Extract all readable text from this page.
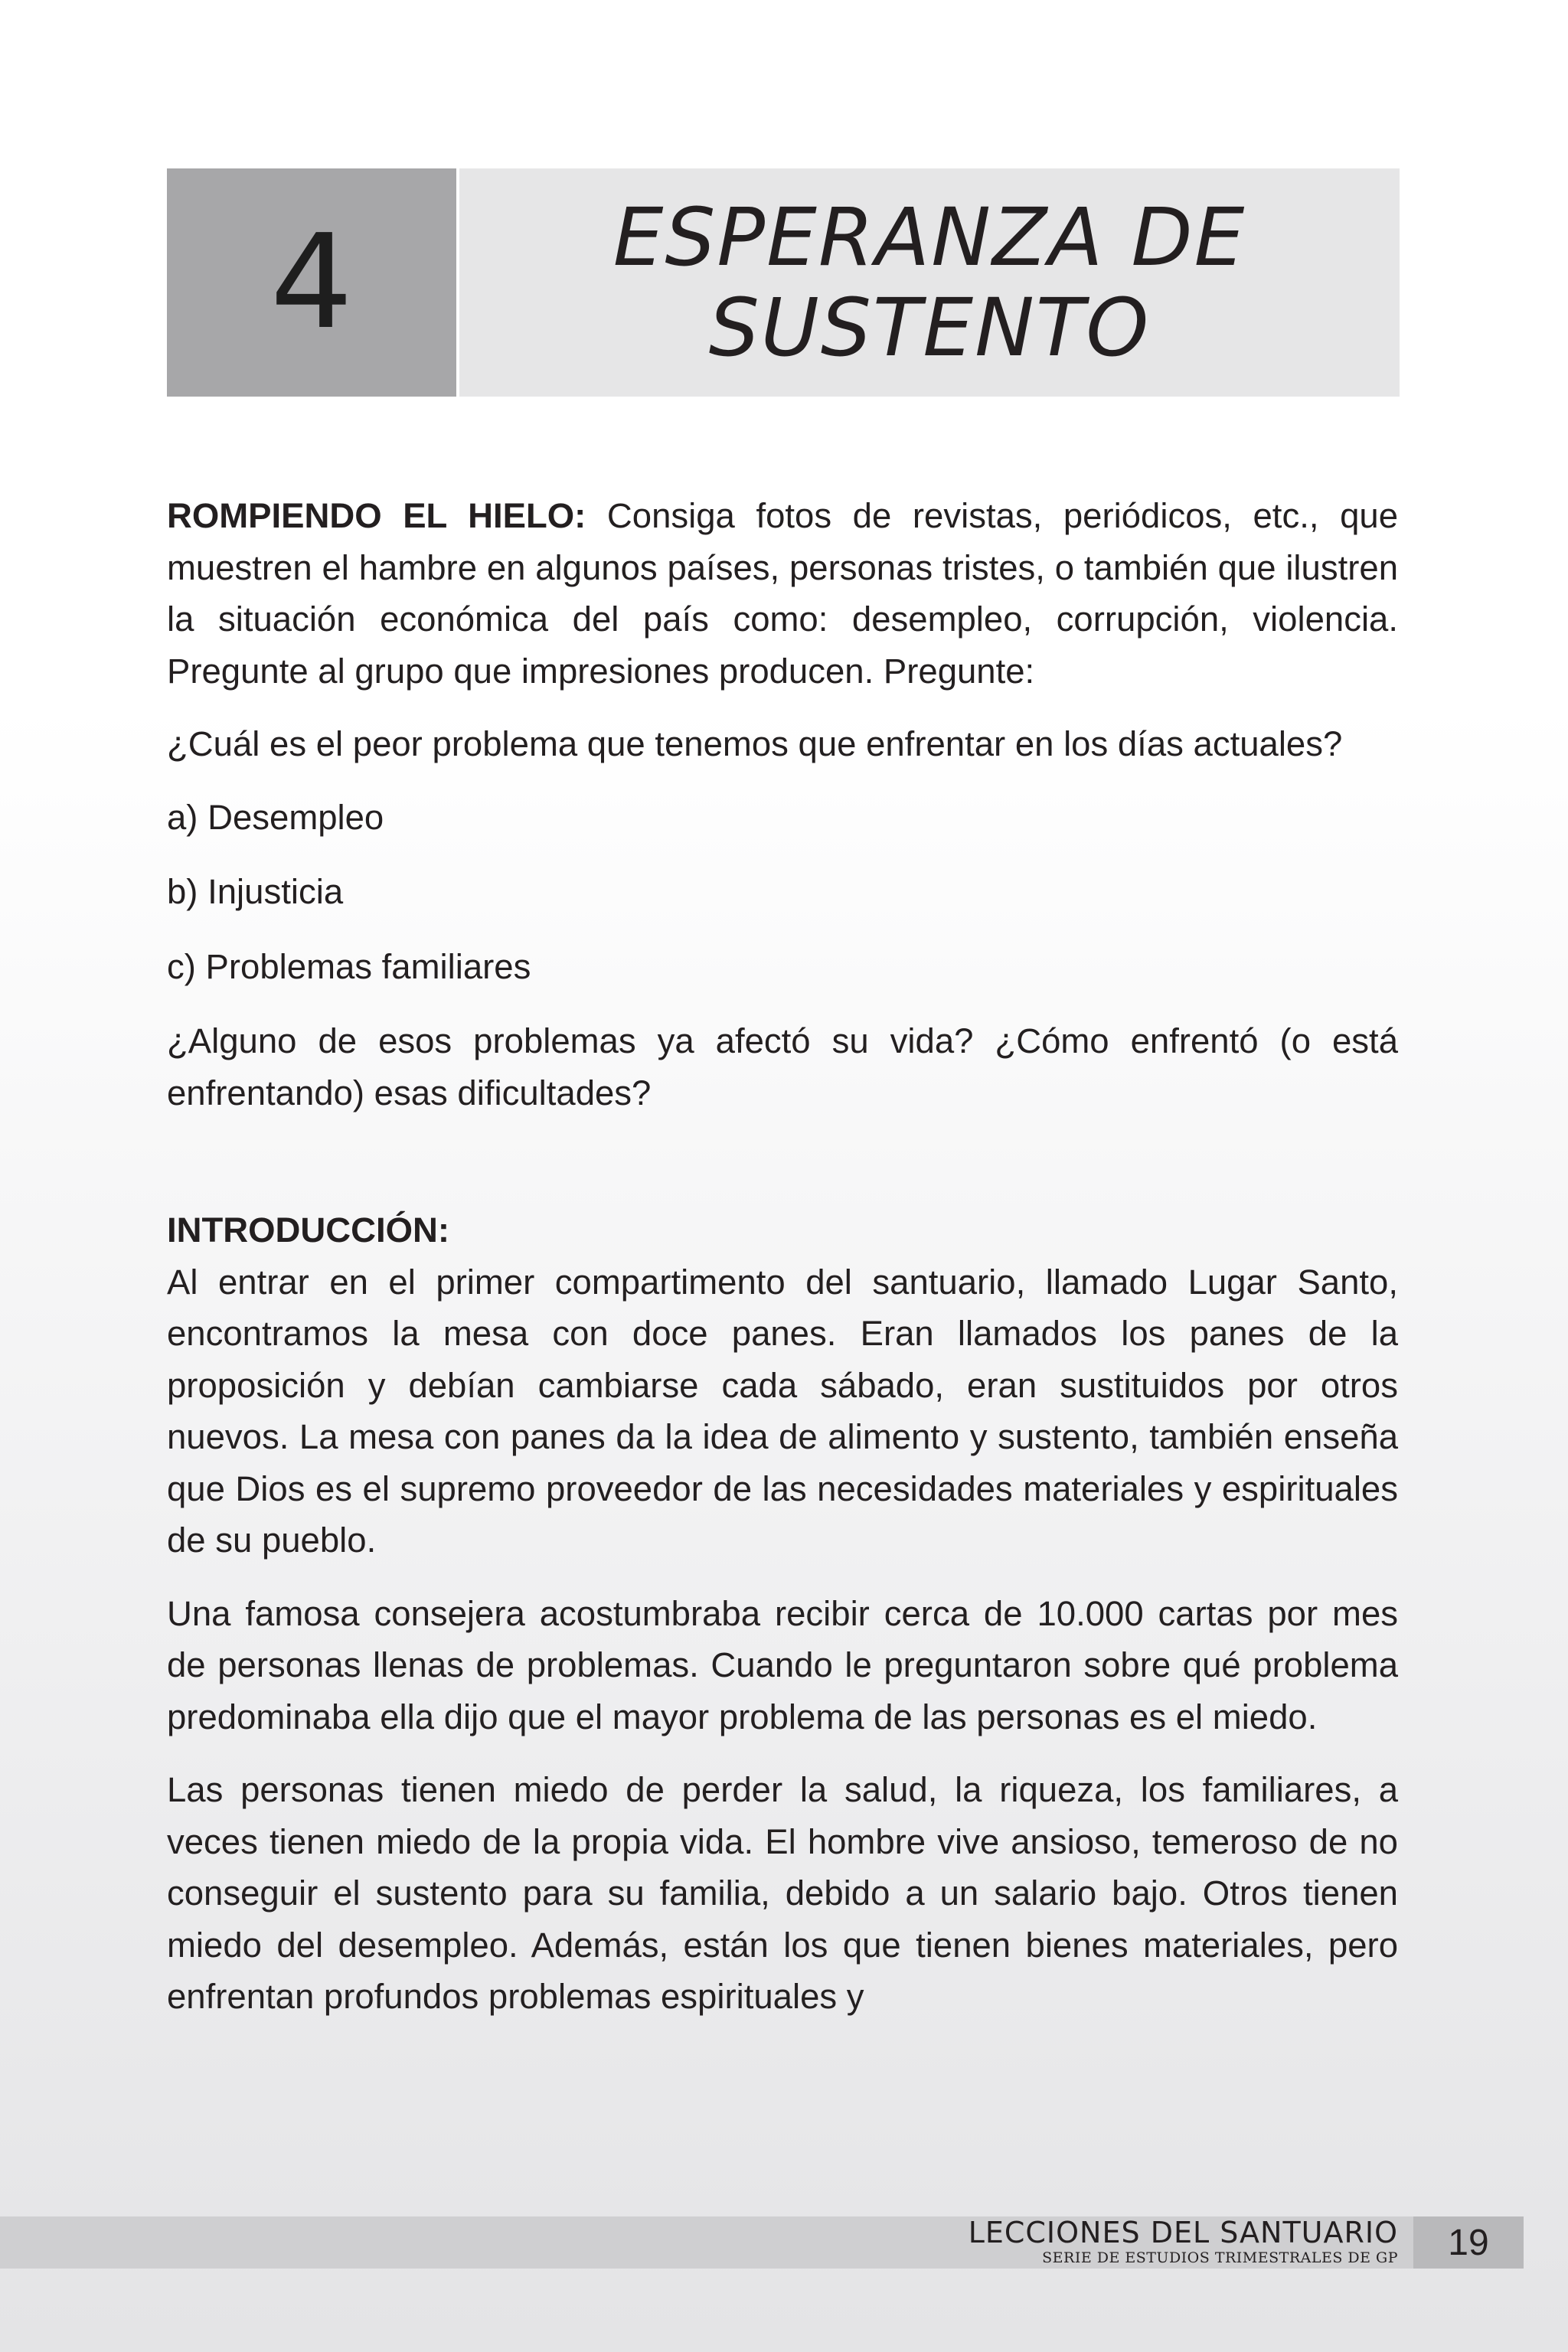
4	ESPERANZA DE
SUSTENTO

ROMPIENDO EL HIELO: Consiga fotos de revistas, periódicos, etc., que muestren el hambre en algunos países, personas tristes, o también que ilustren la situación económica del país como: desempleo, corrupción, violencia. Pregunte al grupo que impresiones producen. Pregunte:

¿Cuál es el peor problema que tenemos que enfrentar en los días actuales?

a) Desempleo
b) Injusticia
c) Problemas familiares

¿Alguno de esos problemas ya afectó su vida? ¿Cómo enfrentó (o está enfrentando) esas dificultades?

INTRODUCCIÓN:

Al entrar en el primer compartimento del santuario, llamado Lugar Santo, encontramos la mesa con doce panes. Eran llamados los panes de la proposición y debían cambiarse cada sábado, eran sustituidos por otros nuevos. La mesa con panes da la idea de alimento y sustento, también enseña que Dios es el supremo proveedor de las necesidades materiales y espirituales de su pueblo.

Una famosa consejera acostumbraba recibir cerca de 10.000 cartas por mes de personas llenas de problemas. Cuando le preguntaron sobre qué problema predominaba ella dijo que el mayor problema de las personas es el miedo.

Las personas tienen miedo de perder la salud, la riqueza, los familiares, a veces tienen miedo de la propia vida. El hombre vive ansioso, temeroso de no conseguir el sustento para su familia, debido a un salario bajo. Otros tienen miedo del desempleo. Además, están los que tienen bienes materiales, pero enfrentan profundos problemas espirituales y

LECCIONES DEL SANTUARIO
SERIE DE ESTUDIOS TRIMESTRALES DE GP 19
